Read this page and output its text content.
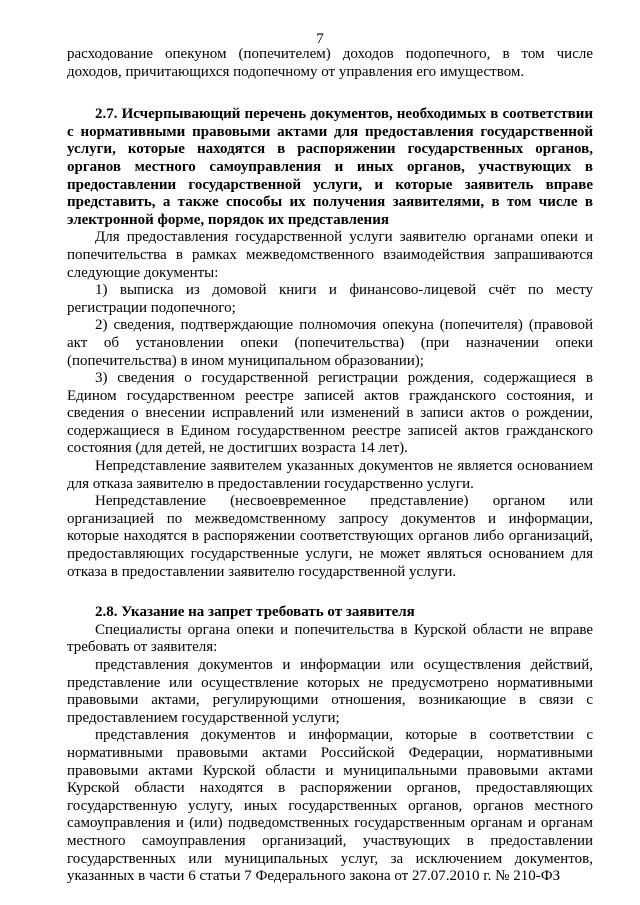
7

расходование опекуном (попечителем) доходов подопечного, в том числе доходов, причитающихся подопечному от управления его имуществом.

2.7. Исчерпывающий перечень документов, необходимых в соответствии с нормативными правовыми актами для предоставления государственной услуги, которые находятся в распоряжении государственных органов, органов местного самоуправления и иных органов, участвующих в предоставлении государственной услуги, и которые заявитель вправе представить, а также способы их получения заявителями, в том числе в электронной форме, порядок их представления

Для предоставления государственной услуги заявителю органами опеки и попечительства в рамках межведомственного взаимодействия запрашиваются следующие документы:

1) выписка из домовой книги и финансово-лицевой счёт по месту регистрации подопечного;

2) сведения, подтверждающие полномочия опекуна (попечителя) (правовой акт об установлении опеки (попечительства) (при назначении опеки (попечительства) в ином муниципальном образовании);

3) сведения о государственной регистрации рождения, содержащиеся в Едином государственном реестре записей актов гражданского состояния, и сведения о внесении исправлений или изменений в записи актов о рождении, содержащиеся в Едином государственном реестре записей актов гражданского состояния (для детей, не достигших возраста 14 лет).

Непредставление заявителем указанных документов не является основанием для отказа заявителю в предоставлении государственно услуги.

Непредставление (несвоевременное представление) органом или организацией по межведомственному запросу документов и информации, которые находятся в распоряжении соответствующих органов либо организаций, предоставляющих государственные услуги, не может являться основанием для отказа в предоставлении заявителю государственной услуги.

2.8. Указание на запрет требовать от заявителя

Специалисты органа опеки и попечительства в Курской области не вправе требовать от заявителя:

представления документов и информации или осуществления действий, представление или осуществление которых не предусмотрено нормативными правовыми актами, регулирующими отношения, возникающие в связи с предоставлением государственной услуги;

представления документов и информации, которые в соответствии с нормативными правовыми актами Российской Федерации, нормативными правовыми актами Курской области и муниципальными правовыми актами Курской области находятся в распоряжении органов, предоставляющих государственную услугу, иных государственных органов, органов местного самоуправления и (или) подведомственных государственным органам и органам местного самоуправления организаций, участвующих в предоставлении государственных или муниципальных услуг, за исключением документов, указанных в части 6 статьи 7 Федерального закона от 27.07.2010 г. № 210-ФЗ
